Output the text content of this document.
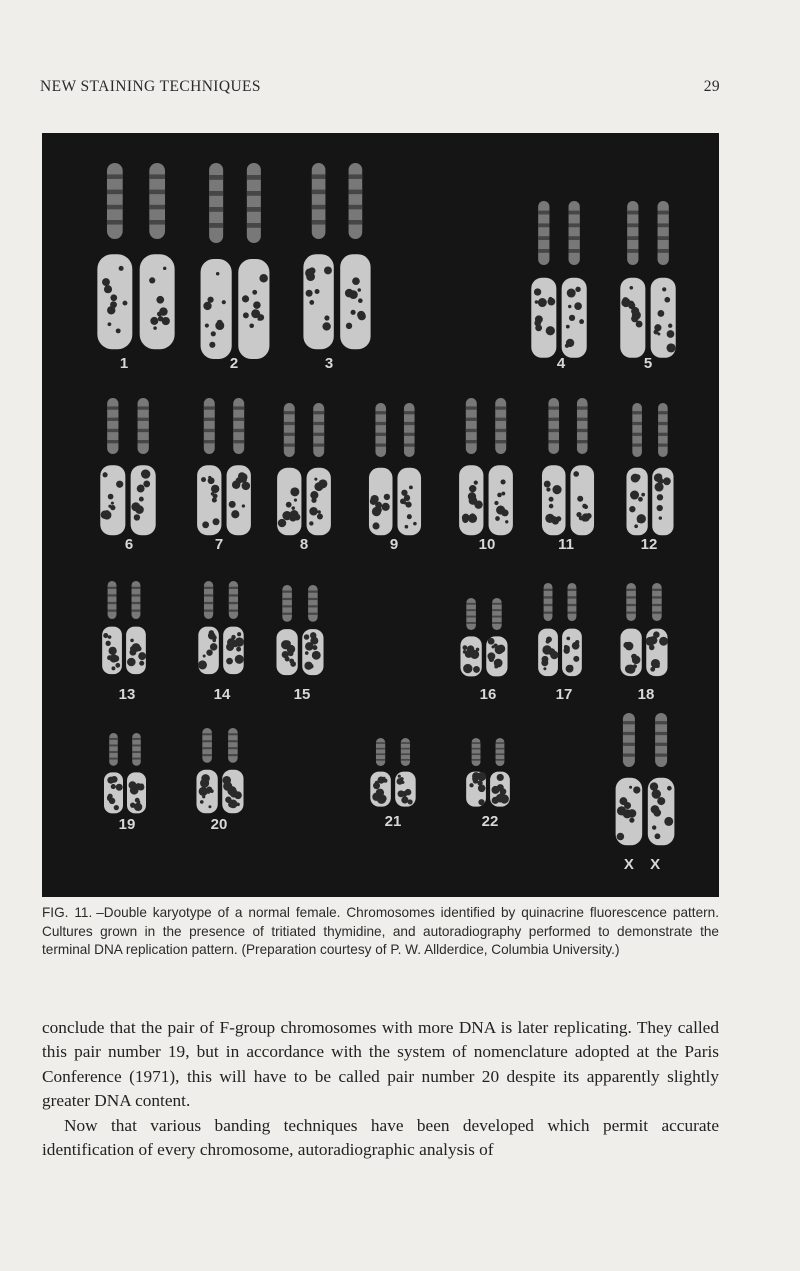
NEW STAINING TECHNIQUES	29
1	2	3	4	5
6	7	8	9	10	11	12
13	14	15	16	17	18
19	20	21	22
X X
FIG. 11. –Double karyotype of a normal female. Chromosomes identified by quinacrine fluorescence pattern. Cultures grown in the presence of tritiated thymidine, and autoradiography performed to demonstrate the terminal DNA replication pattern. (Preparation courtesy of P. W. Allderdice, Columbia University.)

conclude that the pair of F-group chromosomes with more DNA is later replicating. They called this pair number 19, but in accordance with the system of nomenclature adopted at the Paris Conference (1971), this will have to be called pair number 20 despite its apparently slightly greater DNA content.

Now that various banding techniques have been developed which permit accurate identification of every chromosome, autoradiographic analysis of
